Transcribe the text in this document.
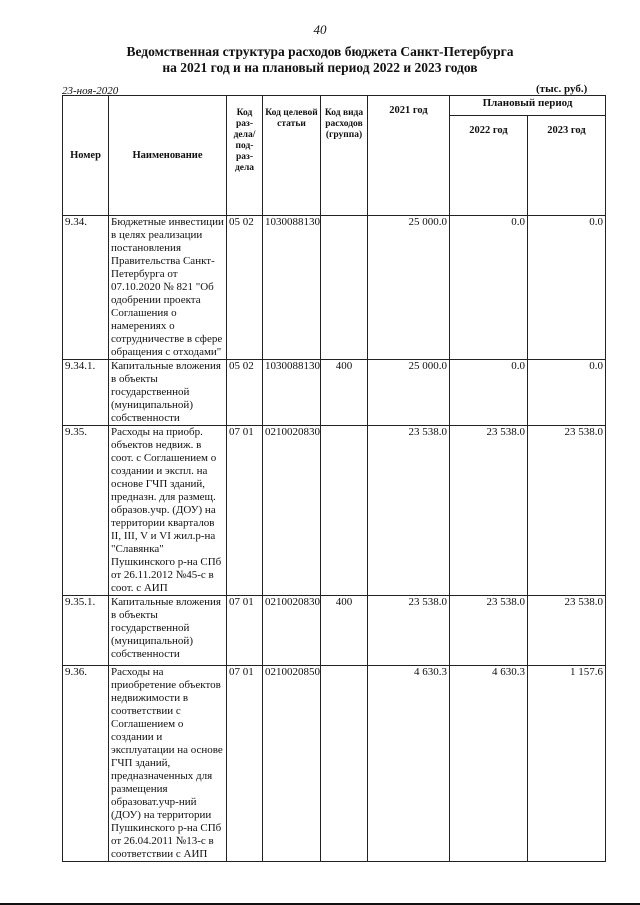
40
Ведомственная структура расходов бюджета Санкт-Петербурга
на 2021 год и на плановый период 2022 и 2023 годов
23-ноя-2020	(тыс. руб.)
Номер	Наименование	Код раз-дела/ под-раз-дела	Код целевой статьи	Код вида расходов (группа)	2021 год	Плановый период	
						2022 год	2023 год
9.34.	Бюджетные инвестиции в целях реализации постановления Правительства Санкт-Петербурга от 07.10.2020 № 821 "Об одобрении проекта Соглашения о намерениях о сотрудничестве в сфере обращения с отходами"	05 02	1030088130		25 000.0	0.0	0.0
9.34.1.	Капитальные вложения в объекты государственной (муниципальной) собственности	05 02	1030088130	400	25 000.0	0.0	0.0
9.35.	Расходы на приобр. объектов недвиж. в соот. с Соглашением о создании и экспл. на основе ГЧП зданий, предназн. для размещ. образов.учр. (ДОУ) на территории кварталов II, III, V и VI жил.р-на "Славянка" Пушкинского р-на СПб от 26.11.2012 №45-с в соот. с АИП	07 01	0210020830		23 538.0	23 538.0	23 538.0
9.35.1.	Капитальные вложения в объекты государственной (муниципальной) собственности	07 01	0210020830	400	23 538.0	23 538.0	23 538.0
9.36.	Расходы на приобретение объектов недвижимости в соответствии с Соглашением о создании и эксплуатации на основе ГЧП зданий, предназначенных для размещения образоват.учр-ний (ДОУ) на территории Пушкинского р-на СПб от 26.04.2011 №13-с в соответствии с АИП	07 01	0210020850		4 630.3	4 630.3	1 157.6
